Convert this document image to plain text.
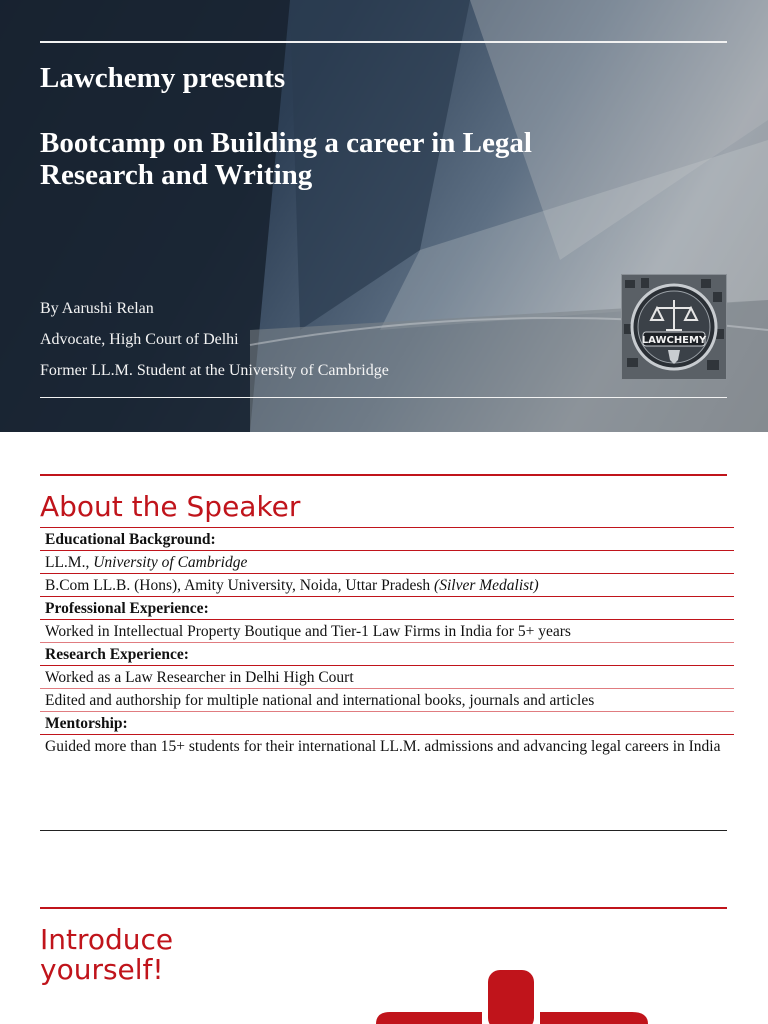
Lawchemy presents
Bootcamp on Building a career in Legal
Research and Writing
By Aarushi Relan
Advocate, High Court of Delhi
Former LL.M. Student at the University of Cambridge
LAWCHEMY
About the Speaker
Educational Background:
LL.M., University of Cambridge
B.Com LL.B. (Hons), Amity University, Noida, Uttar Pradesh (Silver Medalist)
Professional Experience:
Worked in Intellectual Property Boutique and Tier-1 Law Firms in India for 5+ years
Research Experience:
Worked as a Law Researcher in Delhi High Court
Edited and authorship for multiple national and international books, journals and articles
Mentorship:
Guided more than 15+ students for their international LL.M. admissions and advancing legal careers in India
Introduce
yourself!
